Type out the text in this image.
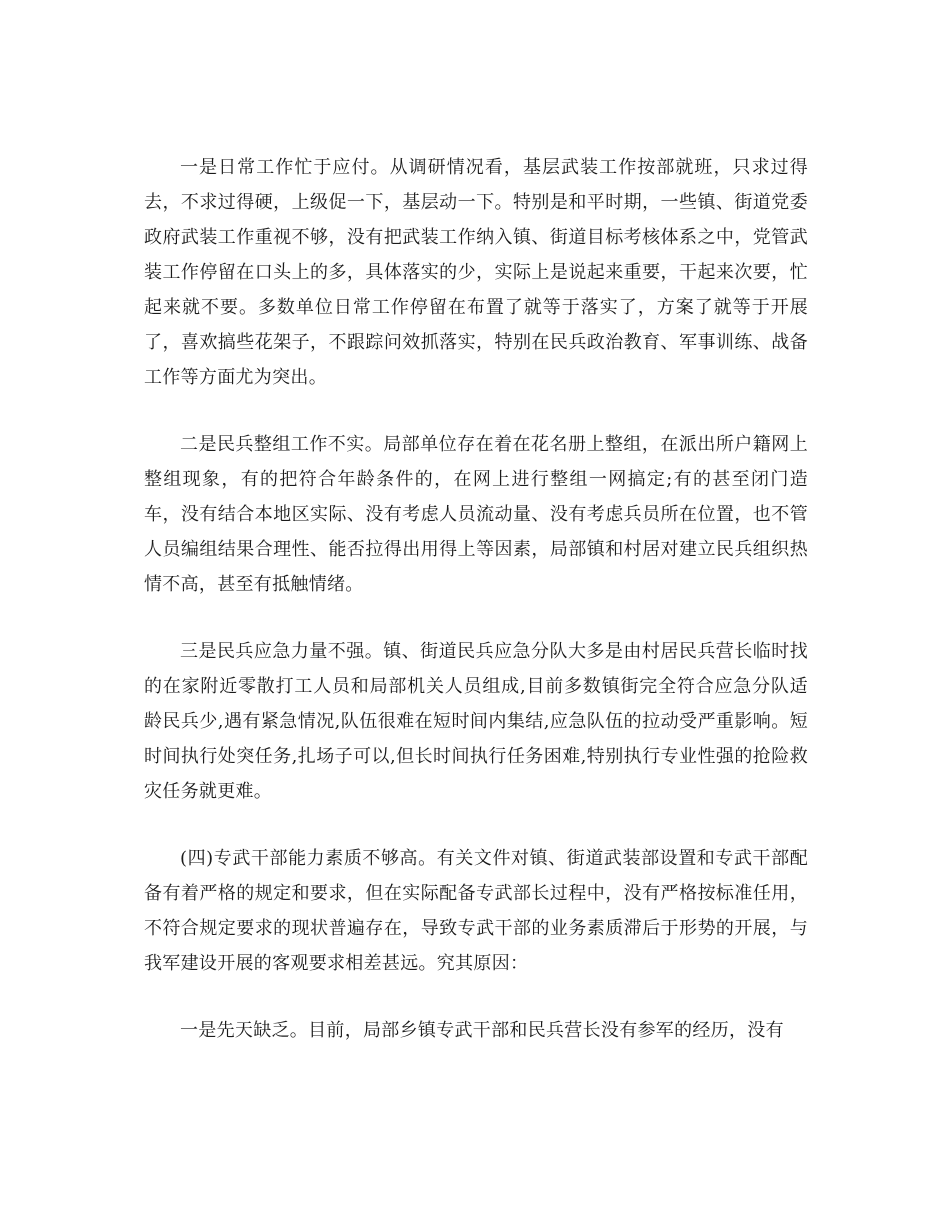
一是日常工作忙于应付。从调研情况看，基层武装工作按部就班，只求过得去，不求过得硬，上级促一下，基层动一下。特别是和平时期，一些镇、街道党委政府武装工作重视不够，没有把武装工作纳入镇、街道目标考核体系之中，党管武装工作停留在口头上的多，具体落实的少，实际上是说起来重要，干起来次要，忙起来就不要。多数单位日常工作停留在布置了就等于落实了，方案了就等于开展了，喜欢搞些花架子，不跟踪问效抓落实，特别在民兵政治教育、军事训练、战备工作等方面尤为突出。

二是民兵整组工作不实。局部单位存在着在花名册上整组，在派出所户籍网上整组现象，有的把符合年龄条件的，在网上进行整组一网搞定;有的甚至闭门造车，没有结合本地区实际、没有考虑人员流动量、没有考虑兵员所在位置，也不管人员编组结果合理性、能否拉得出用得上等因素，局部镇和村居对建立民兵组织热情不高，甚至有抵触情绪。

三是民兵应急力量不强。镇、街道民兵应急分队大多是由村居民兵营长临时找的在家附近零散打工人员和局部机关人员组成,目前多数镇街完全符合应急分队适龄民兵少,遇有紧急情况,队伍很难在短时间内集结,应急队伍的拉动受严重影响。短时间执行处突任务,扎场子可以,但长时间执行任务困难,特别执行专业性强的抢险救灾任务就更难。

(四)专武干部能力素质不够高。有关文件对镇、街道武装部设置和专武干部配备有着严格的规定和要求，但在实际配备专武部长过程中，没有严格按标准任用，不符合规定要求的现状普遍存在，导致专武干部的业务素质滞后于形势的开展，与我军建设开展的客观要求相差甚远。究其原因：

一是先天缺乏。目前，局部乡镇专武干部和民兵营长没有参军的经历，没有
